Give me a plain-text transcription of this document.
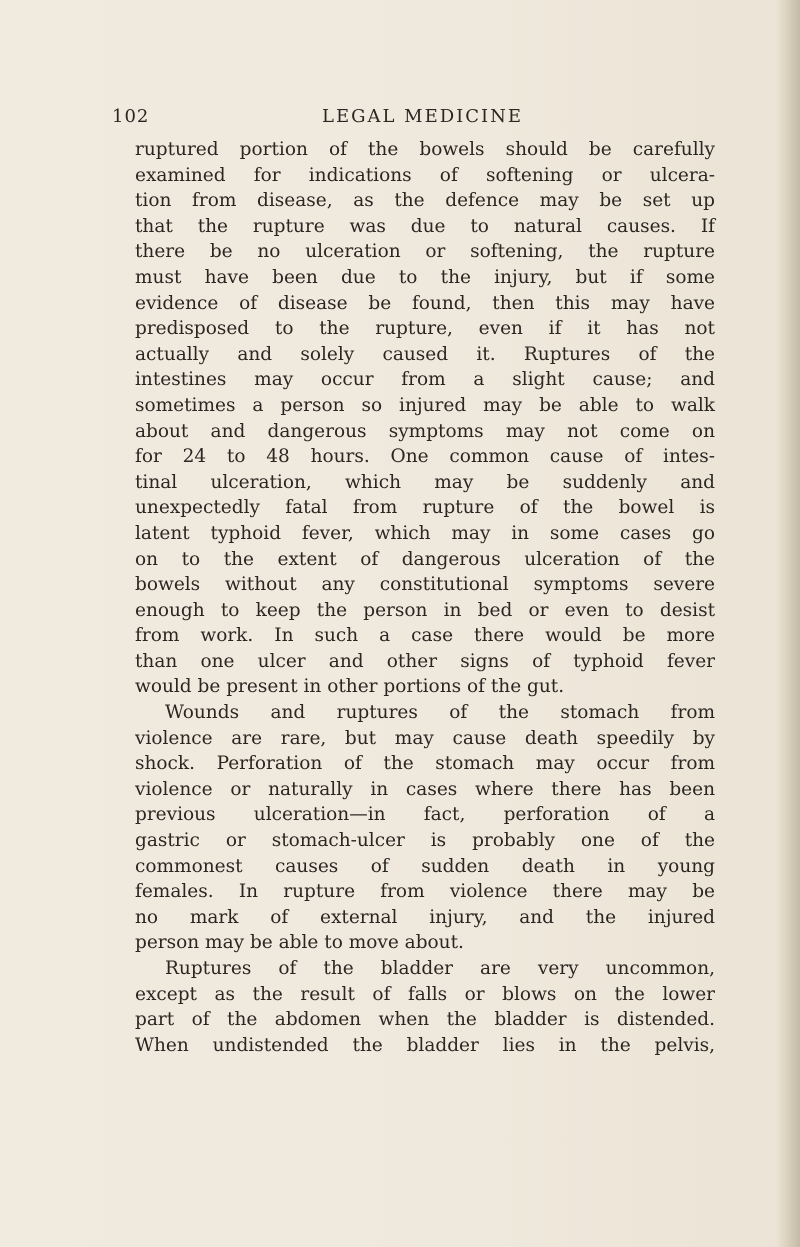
102	LEGAL MEDICINE
ruptured portion of the bowels should be carefully
examined for indications of softening or ulcera-
tion from disease, as the defence may be set up
that the rupture was due to natural causes. If
there be no ulceration or softening, the rupture
must have been due to the injury, but if some
evidence of disease be found, then this may have
predisposed to the rupture, even if it has not
actually and solely caused it. Ruptures of the
intestines may occur from a slight cause; and
sometimes a person so injured may be able to walk
about and dangerous symptoms may not come on
for 24 to 48 hours. One common cause of intes-
tinal ulceration, which may be suddenly and
unexpectedly fatal from rupture of the bowel is
latent typhoid fever, which may in some cases go
on to the extent of dangerous ulceration of the
bowels without any constitutional symptoms severe
enough to keep the person in bed or even to desist
from work. In such a case there would be more
than one ulcer and other signs of typhoid fever
would be present in other portions of the gut.
Wounds and ruptures of the stomach from
violence are rare, but may cause death speedily by
shock. Perforation of the stomach may occur from
violence or naturally in cases where there has been
previous ulceration—in fact, perforation of a
gastric or stomach-ulcer is probably one of the
commonest causes of sudden death in young
females. In rupture from violence there may be
no mark of external injury, and the injured
person may be able to move about.
Ruptures of the bladder are very uncommon,
except as the result of falls or blows on the lower
part of the abdomen when the bladder is distended.
When undistended the bladder lies in the pelvis,
